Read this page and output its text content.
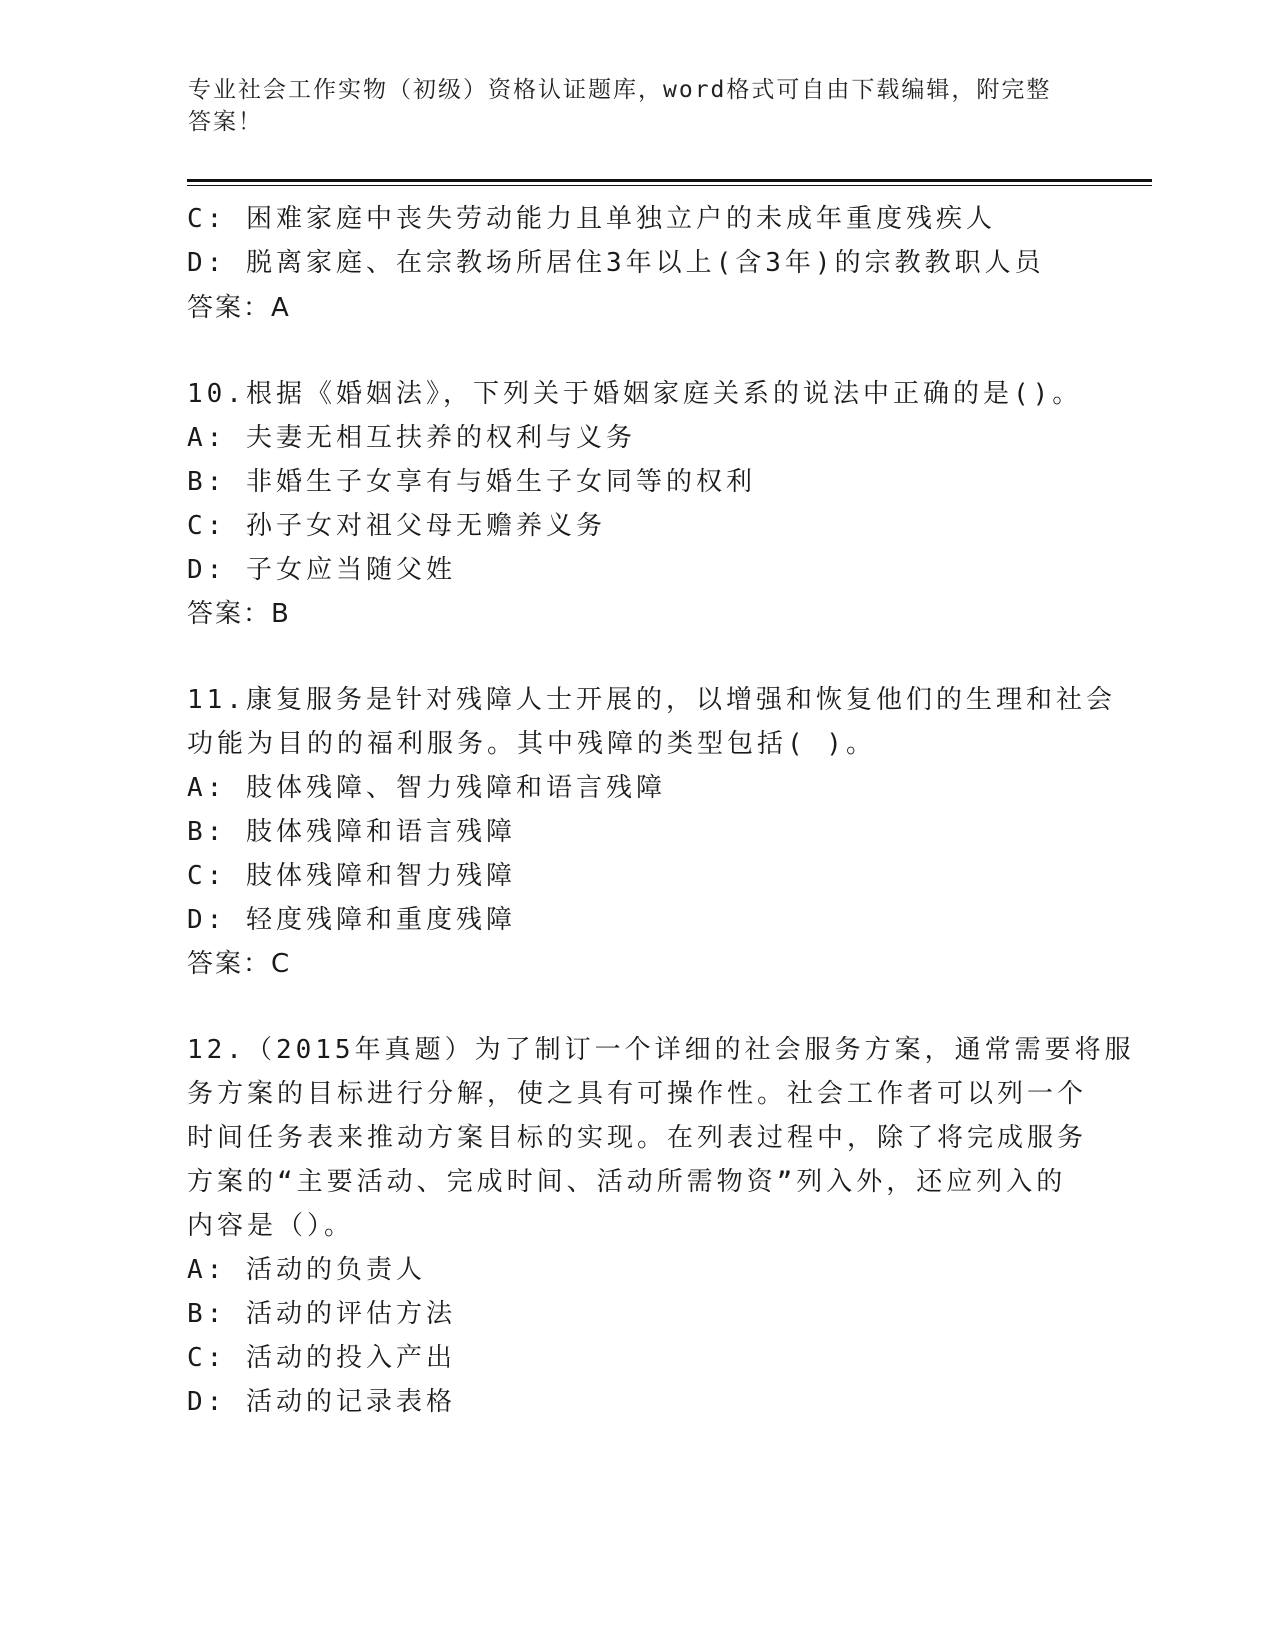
专业社会工作实物（初级）资格认证题库，word格式可自由下载编辑，附完整答案！
C: 困难家庭中丧失劳动能力且单独立户的未成年重度残疾人
D: 脱离家庭、在宗教场所居住3年以上(含3年)的宗教教职人员
答案：A
10.根据《婚姻法》，下列关于婚姻家庭关系的说法中正确的是()。
A: 夫妻无相互扶养的权利与义务
B: 非婚生子女享有与婚生子女同等的权利
C: 孙子女对祖父母无赡养义务
D: 子女应当随父姓
答案：B
11.康复服务是针对残障人士开展的，以增强和恢复他们的生理和社会
功能为目的的福利服务。其中残障的类型包括( )。
A: 肢体残障、智力残障和语言残障
B: 肢体残障和语言残障
C: 肢体残障和智力残障
D: 轻度残障和重度残障
答案：C
12.（2015年真题）为了制订一个详细的社会服务方案，通常需要将服
务方案的目标进行分解，使之具有可操作性。社会工作者可以列一个
时间任务表来推动方案目标的实现。在列表过程中，除了将完成服务
方案的“主要活动、完成时间、活动所需物资”列入外，还应列入的
内容是（）。
A: 活动的负责人
B: 活动的评估方法
C: 活动的投入产出
D: 活动的记录表格
